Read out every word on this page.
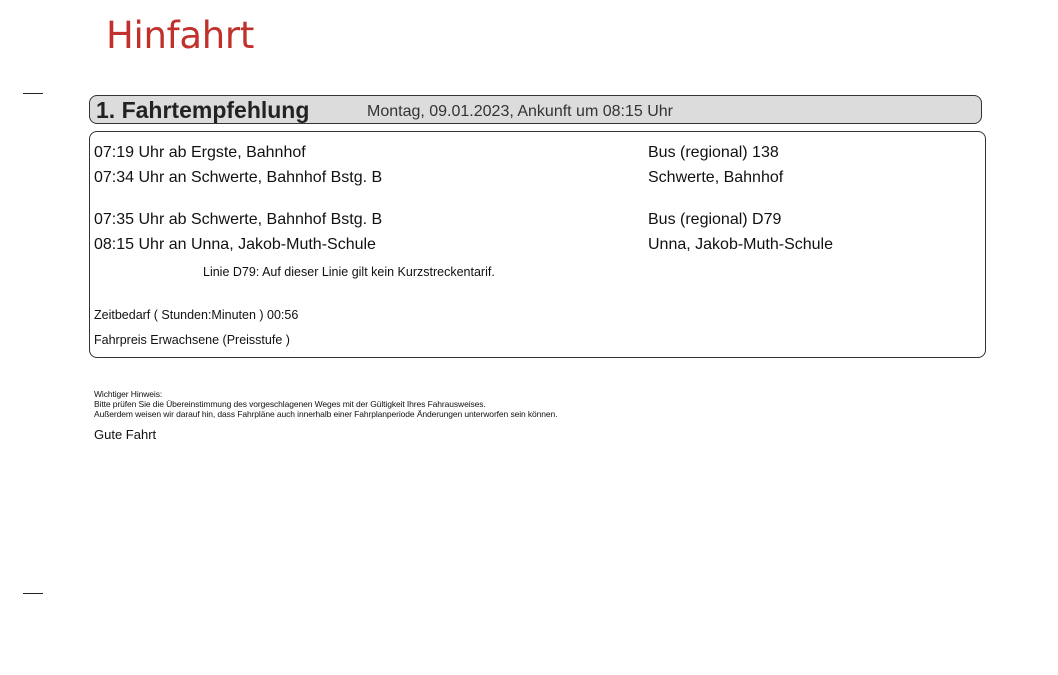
Hinfahrt
1. Fahrtempfehlung	Montag, 09.01.2023, Ankunft um 08:15 Uhr
07:19 Uhr ab Ergste, Bahnhof	Bus (regional) 138
07:34 Uhr an Schwerte, Bahnhof Bstg. B	Schwerte, Bahnhof
07:35 Uhr ab Schwerte, Bahnhof Bstg. B	Bus (regional) D79
08:15 Uhr an Unna, Jakob-Muth-Schule	Unna, Jakob-Muth-Schule
Linie D79: Auf dieser Linie gilt kein Kurzstreckentarif.
Zeitbedarf ( Stunden:Minuten ) 00:56
Fahrpreis Erwachsene (Preisstufe )
Wichtiger Hinweis:
Bitte prüfen Sie die Übereinstimmung des vorgeschlagenen Weges mit der Gültigkeit Ihres Fahrausweises.
Außerdem weisen wir darauf hin, dass Fahrpläne auch innerhalb einer Fahrplanperiode Änderungen unterworfen sein können.
Gute Fahrt
